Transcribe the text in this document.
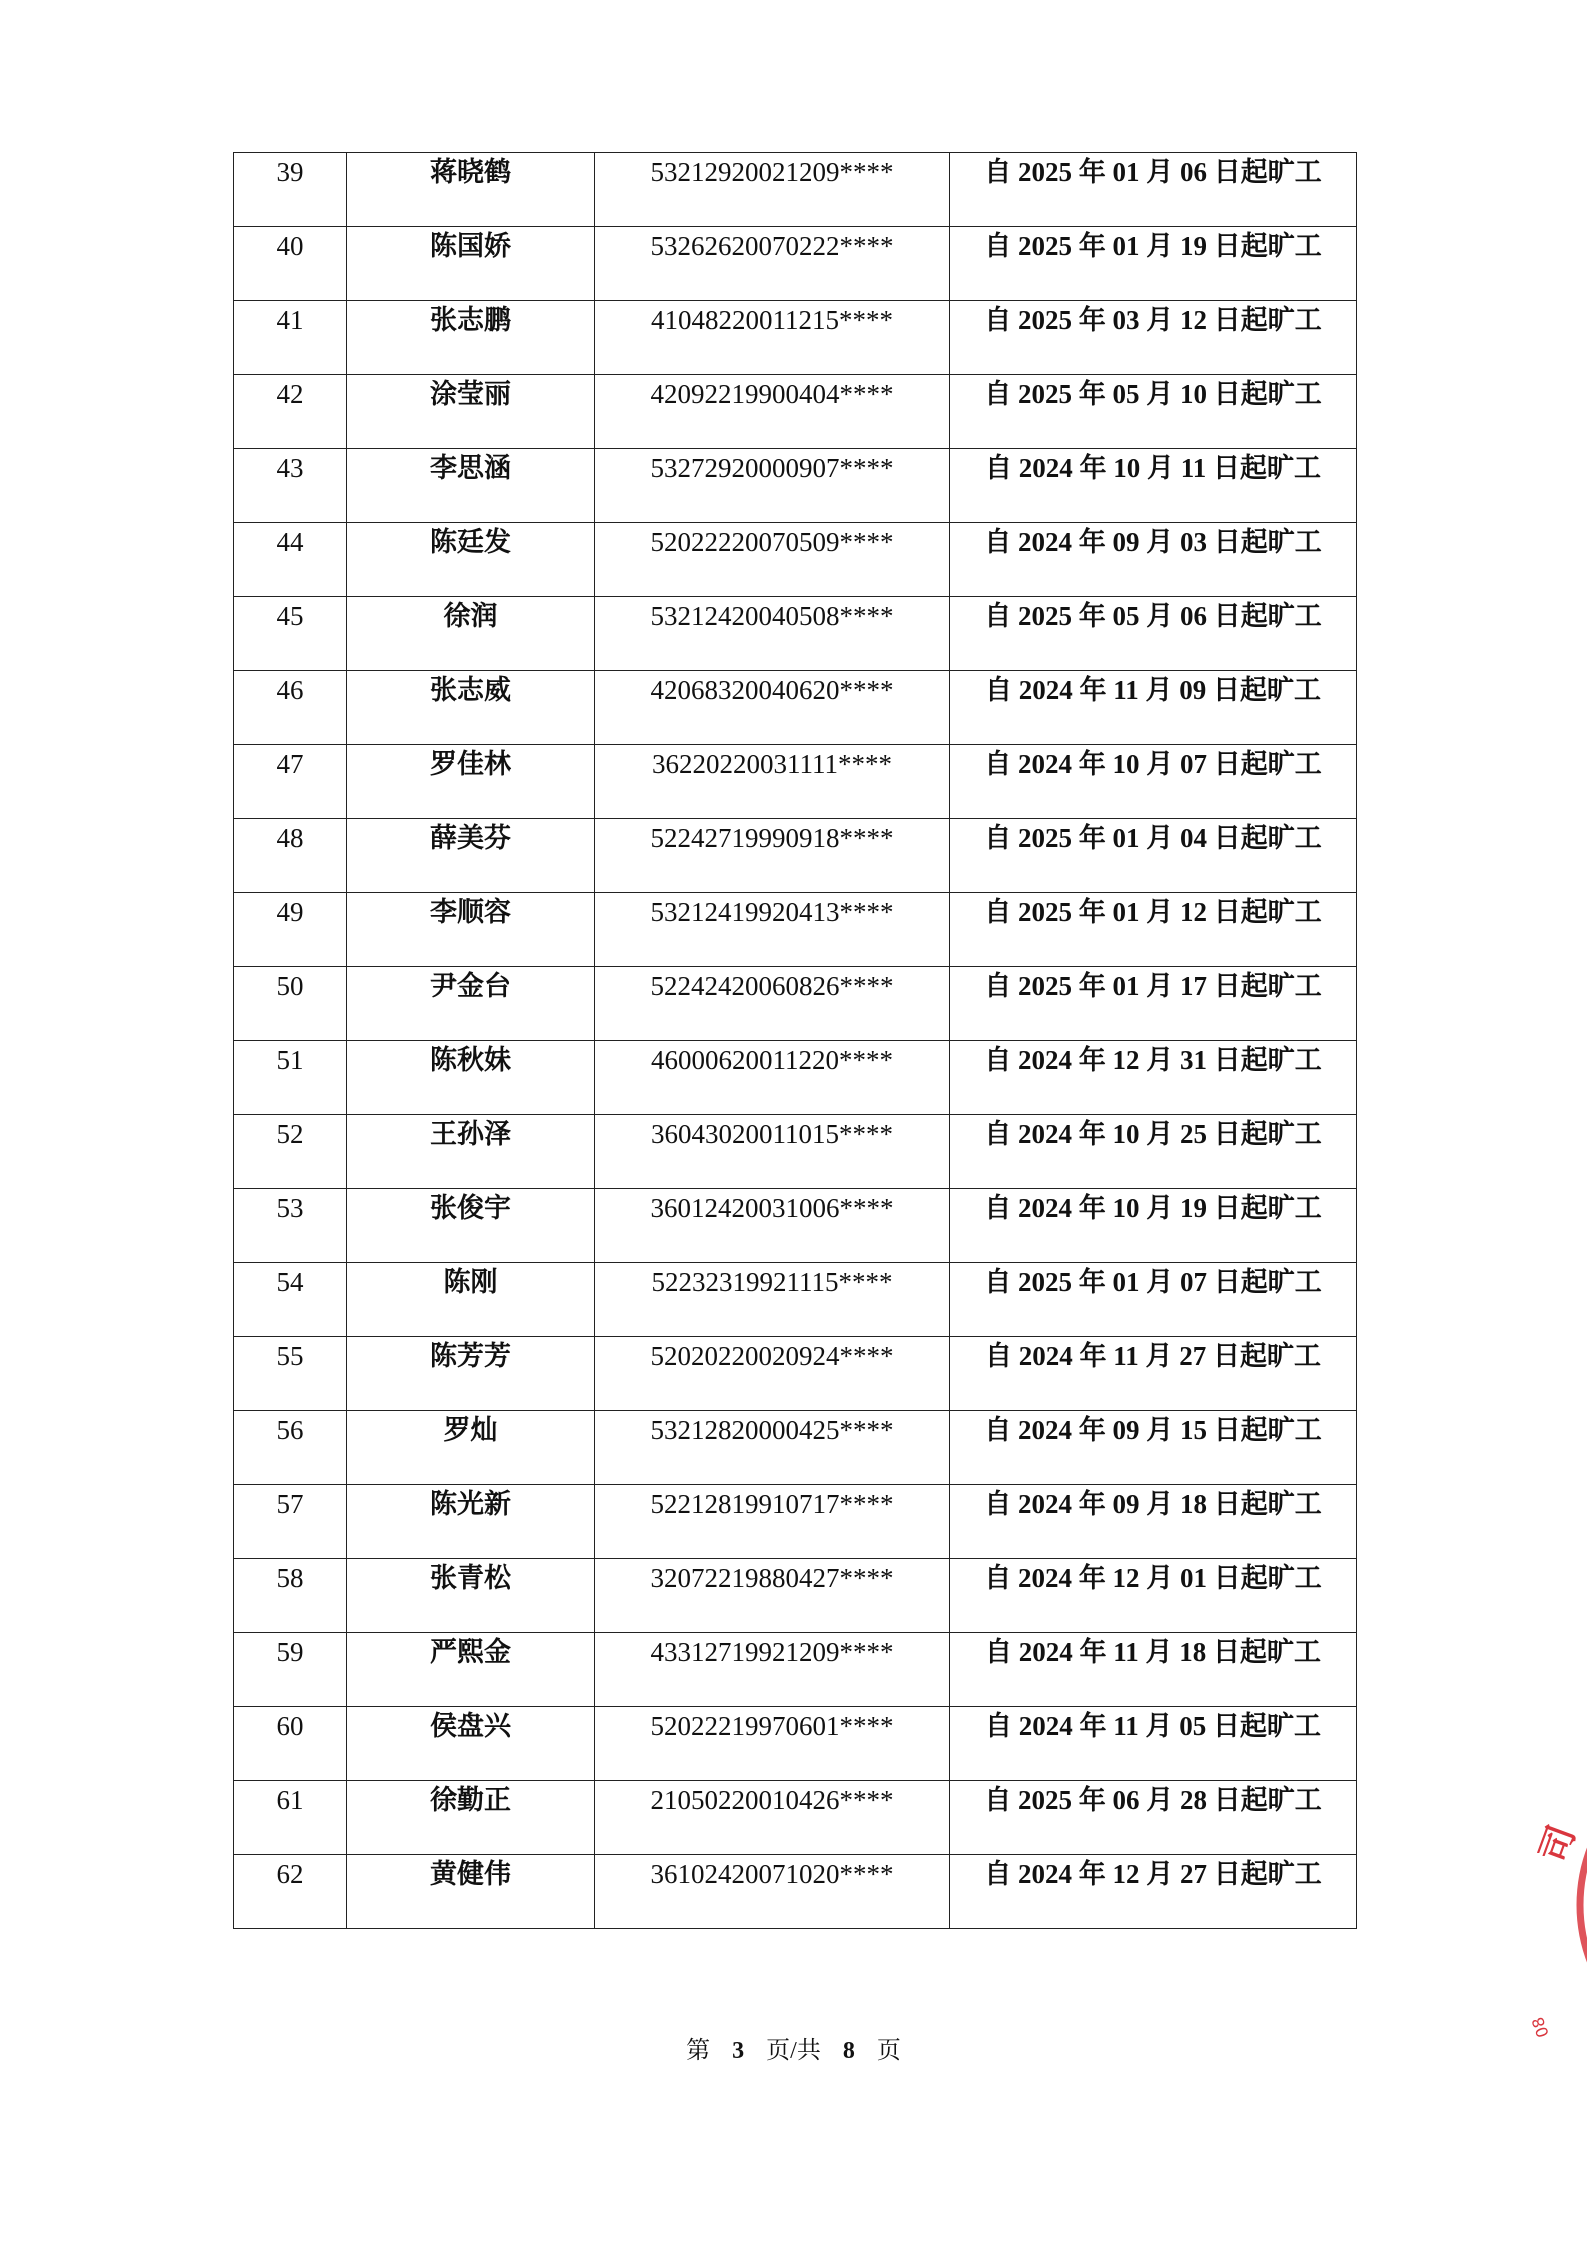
39	蒋晓鹤	53212920021209****	自 2025 年 01 月 06 日起旷工
40	陈国娇	53262620070222****	自 2025 年 01 月 19 日起旷工
41	张志鹏	41048220011215****	自 2025 年 03 月 12 日起旷工
42	涂莹丽	42092219900404****	自 2025 年 05 月 10 日起旷工
43	李思涵	53272920000907****	自 2024 年 10 月 11 日起旷工
44	陈廷发	52022220070509****	自 2024 年 09 月 03 日起旷工
45	徐润	53212420040508****	自 2025 年 05 月 06 日起旷工
46	张志威	42068320040620****	自 2024 年 11 月 09 日起旷工
47	罗佳林	36220220031111****	自 2024 年 10 月 07 日起旷工
48	薛美芬	52242719990918****	自 2025 年 01 月 04 日起旷工
49	李顺容	53212419920413****	自 2025 年 01 月 12 日起旷工
50	尹金台	52242420060826****	自 2025 年 01 月 17 日起旷工
51	陈秋妹	46000620011220****	自 2024 年 12 月 31 日起旷工
52	王孙泽	36043020011015****	自 2024 年 10 月 25 日起旷工
53	张俊宇	36012420031006****	自 2024 年 10 月 19 日起旷工
54	陈刚	52232319921115****	自 2025 年 01 月 07 日起旷工
55	陈芳芳	52020220020924****	自 2024 年 11 月 27 日起旷工
56	罗灿	53212820000425****	自 2024 年 09 月 15 日起旷工
57	陈光新	52212819910717****	自 2024 年 09 月 18 日起旷工
58	张青松	32072219880427****	自 2024 年 12 月 01 日起旷工
59	严熙金	43312719921209****	自 2024 年 11 月 18 日起旷工
60	侯盘兴	52022219970601****	自 2024 年 11 月 05 日起旷工
61	徐勤正	21050220010426****	自 2025 年 06 月 28 日起旷工
62	黄健伟	36102420071020****	自 2024 年 12 月 27 日起旷工
第 3 页/共 8 页
司
08
